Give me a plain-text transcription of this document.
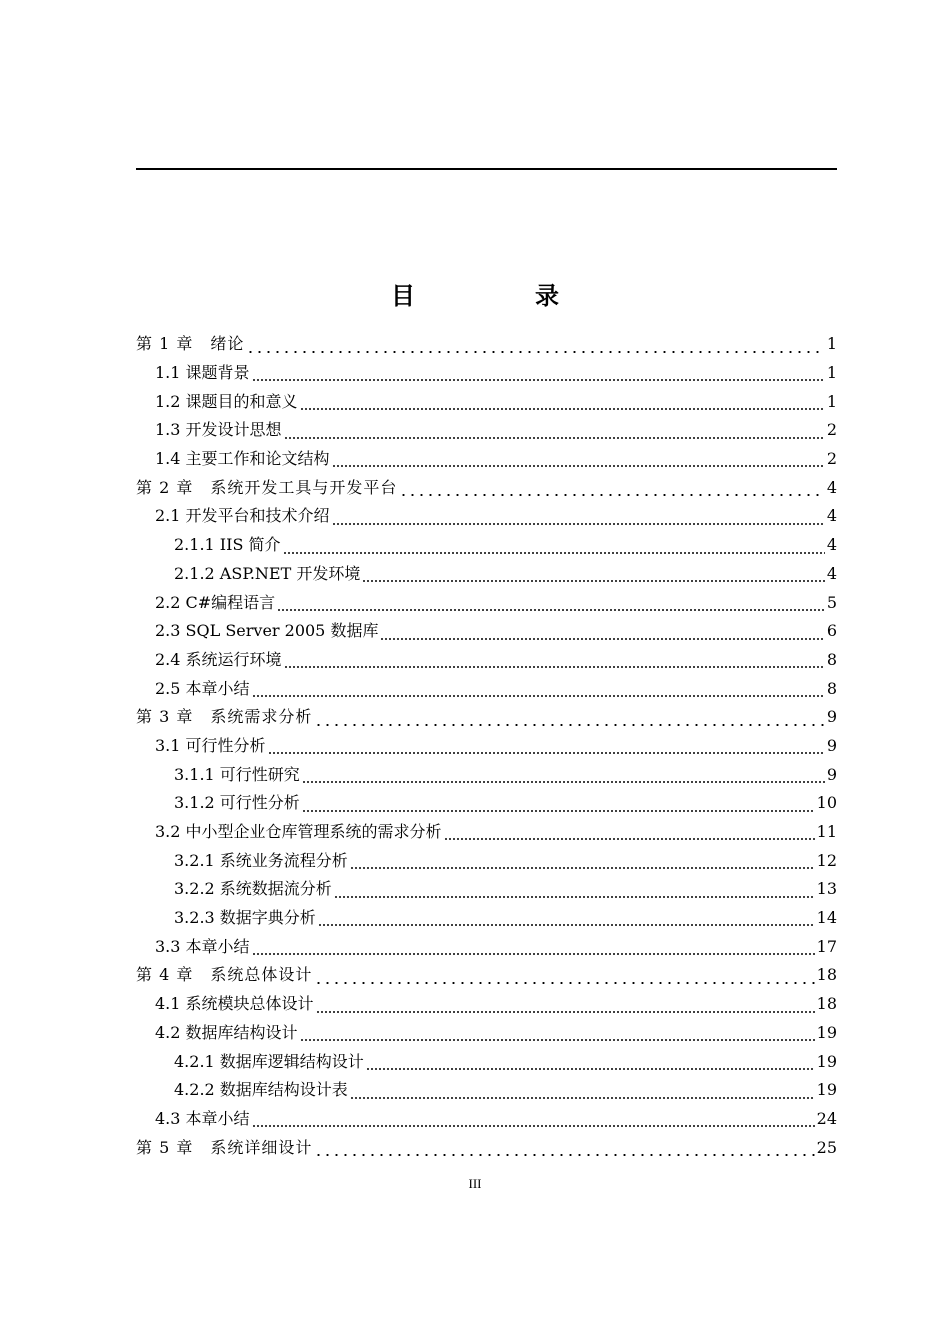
目　录
第 1 章　绪论	1
1.1 课题背景	1
1.2 课题目的和意义	1
1.3 开发设计思想	2
1.4 主要工作和论文结构	2
第 2 章　系统开发工具与开发平台	4
2.1 开发平台和技术介绍	4
2.1.1 IIS 简介	4
2.1.2 ASP.NET 开发环境	4
2.2 C#编程语言	5
2.3 SQL Server 2005 数据库	6
2.4 系统运行环境	8
2.5 本章小结	8
第 3 章　系统需求分析	9
3.1 可行性分析	9
3.1.1 可行性研究	9
3.1.2 可行性分析	10
3.2 中小型企业仓库管理系统的需求分析	11
3.2.1 系统业务流程分析	12
3.2.2 系统数据流分析	13
3.2.3 数据字典分析	14
3.3 本章小结	17
第 4 章　系统总体设计	18
4.1 系统模块总体设计	18
4.2 数据库结构设计	19
4.2.1 数据库逻辑结构设计	19
4.2.2 数据库结构设计表	19
4.3 本章小结	24
第 5 章　系统详细设计	25
III
